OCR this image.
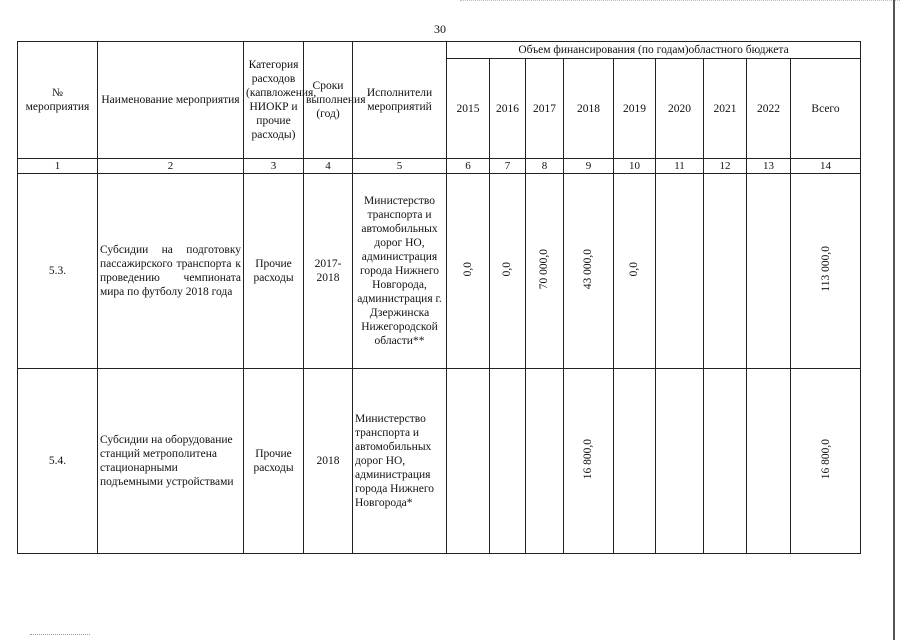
30
№ мероприятия	Наименование мероприятия	Категория расходов (капвложения, НИОКР и прочие расходы)	Сроки выполнения (год)	Исполнители мероприятий	Объем финансирования (по годам)областного бюджета								
					2015	2016	2017	2018	2019	2020	2021	2022	Всего
1	2	3	4	5	6	7	8	9	10	11	12	13	14
5.3.	Субсидии на подготовку пассажирского транспорта к проведению чемпионата мира по футболу 2018 года	Прочие расходы	2017-2018	Министерство транспорта и автомобильных дорог НО, администрация города Нижнего Новгорода, администрация г. Дзержинска Нижегородской области**	0,0	0,0	70 000,0	43 000,0	0,0				113 000,0
5.4.	Субсидии на оборудование станций метрополитена стационарными подъемными устройствами	Прочие расходы	2018	Министерство транспорта и автомобильных дорог НО, администрация города Нижнего Новгорода*				16 800,0					16 800,0
